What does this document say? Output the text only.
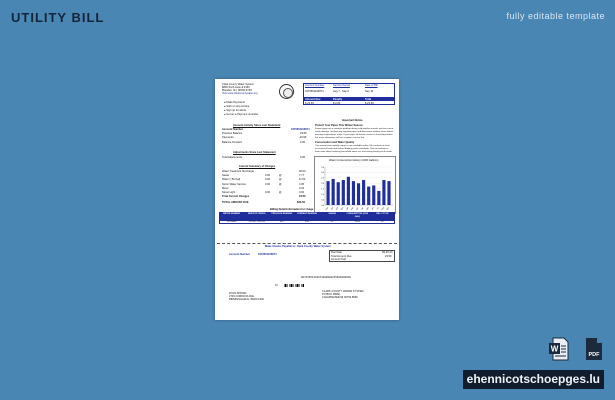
UTILITY BILL	fully editable template
Clark County Water System
8800 Sixth Lane & #120
Brandon, NJ, 08760-6794
Visit www.clarkcountywater.org
Account Number	Service Period	Date of Bill
0476651166874	Aug 7 - Sep 9	Sep 16
Amount Due	Penalty	Total
$ 23.59	$ 0.00	$ 23.59
● Make Payments
● Start or stop service
● Sign up for alerts
● Get an e-Payment reminder
Account Activity Since Last Statement
Account Number	0476651166874
Previous Balance	23.59
Payments	-23.59
Balance Forward	0.00
Adjustments Since Last Statement
Total Adjustments	0.00
Current Summary of Charges
TOTAL AMOUNT DUE	$23.59
Important Notice
Protect Your Pipes This Winter Season
Conservation and Water Quality
Water Consumption History (1000 Gallons)
0.0
0.5
1.0
1.5
2.0
2.5
3.0
3.5
Sep	Oct Nov Dec Jan Feb Mar	Apr May Jun Jul Aug Sep
Billing Detail Information for Usage
Make Checks Payable to: Clark County Water System
Account Number	0476651166874
Due Date	09-25-20
Total Amount Due	23.59
Amount Paid
00476651166874000000235900000000
To:
RYAN SPRING
2733 CORDOVA AVE
BIRMINGHAM AL 35209 1930
CLARK COUNTY WATER SYSTEM
PO BOX 48960
CLEARWATER MI 00754 8960
Water Treatment Surcharge	00.00
Sewer	0.00	@	7.77
Water (<5k Gal)	0.00	@	11.53
Storm Water Service	0.00	@	3.95
Meter	0.34
Street Light	0.00	@	0.00
Total Current Charges	23.59
Frozen pipes are a common problem during cold weather months and can cause
costly damage. Insulate any exposed pipes and disconnect outdoor hoses before
freezing temperatures arrive. If your pipes do freeze, contact a licensed plumber.
For more information call our customer service line.
Your annual water quality report is now available online. We continue to meet
or exceed all state and federal drinking water standards. Visit our website to
learn more about reducing household water use and saving money each month.
METER NUMBER	SERVICE PERIOD	PREVIOUS READING	CURRENT READING	USAGE	CONSUMPTION (1000 GAL)
BILL CYCLE
01783688	7/07/20 - 8/07/20	412	435	23	23.00	01
W
PDF
ehennicotschoepges.lu
